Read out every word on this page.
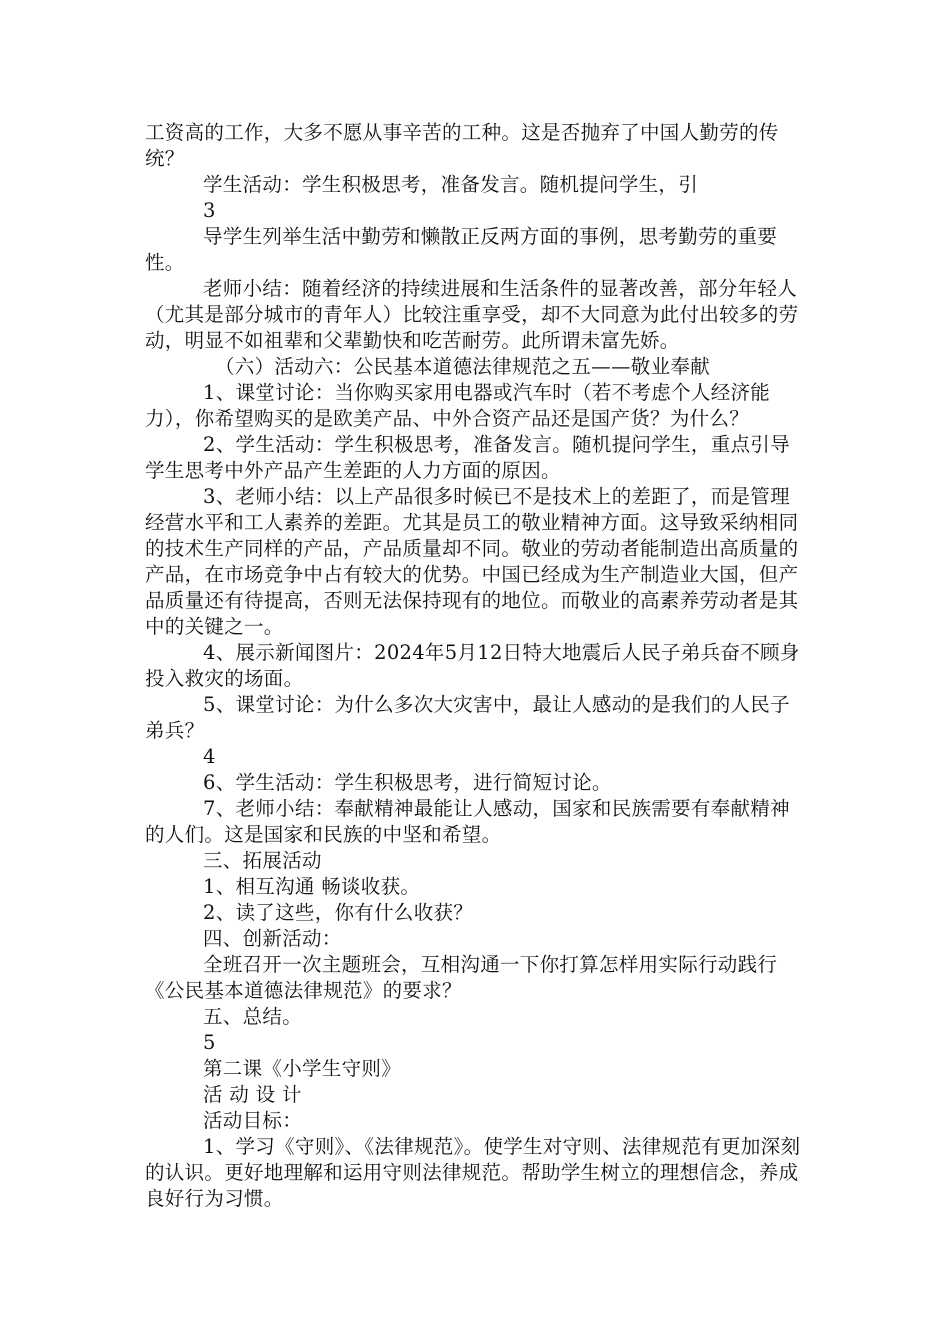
工资高的工作，大多不愿从事辛苦的工种。这是否抛弃了中国人勤劳的传统？

学生活动：学生积极思考，准备发言。随机提问学生，引

3

导学生列举生活中勤劳和懒散正反两方面的事例，思考勤劳的重要性。

老师小结：随着经济的持续进展和生活条件的显著改善，部分年轻人（尤其是部分城市的青年人）比较注重享受，却不大同意为此付出较多的劳动，明显不如祖辈和父辈勤快和吃苦耐劳。此所谓未富先娇。

（六）活动六：公民基本道德法律规范之五——敬业奉献

1、课堂讨论：当你购买家用电器或汽车时（若不考虑个人经济能力），你希望购买的是欧美产品、中外合资产品还是国产货？为什么？

2、学生活动：学生积极思考，准备发言。随机提问学生，重点引导学生思考中外产品产生差距的人力方面的原因。

3、老师小结：以上产品很多时候已不是技术上的差距了，而是管理经营水平和工人素养的差距。尤其是员工的敬业精神方面。这导致采纳相同的技术生产同样的产品，产品质量却不同。敬业的劳动者能制造出高质量的产品，在市场竞争中占有较大的优势。中国已经成为生产制造业大国，但产品质量还有待提高，否则无法保持现有的地位。而敬业的高素养劳动者是其中的关键之一。

4、展示新闻图片：2024年5月12日特大地震后人民子弟兵奋不顾身投入救灾的场面。

5、课堂讨论：为什么多次大灾害中，最让人感动的是我们的人民子弟兵？

4

6、学生活动：学生积极思考，进行简短讨论。

7、老师小结：奉献精神最能让人感动，国家和民族需要有奉献精神的人们。这是国家和民族的中坚和希望。

三、拓展活动

1、相互沟通 畅谈收获。

2、读了这些，你有什么收获？

四、创新活动：

全班召开一次主题班会，互相沟通一下你打算怎样用实际行动践行《公民基本道德法律规范》的要求？

五、总结。

5

第二课《小学生守则》

活 动 设 计

活动目标：

1、学习《守则》、《法律规范》。使学生对守则、法律规范有更加深刻的认识。更好地理解和运用守则法律规范。帮助学生树立的理想信念，养成良好行为习惯。
